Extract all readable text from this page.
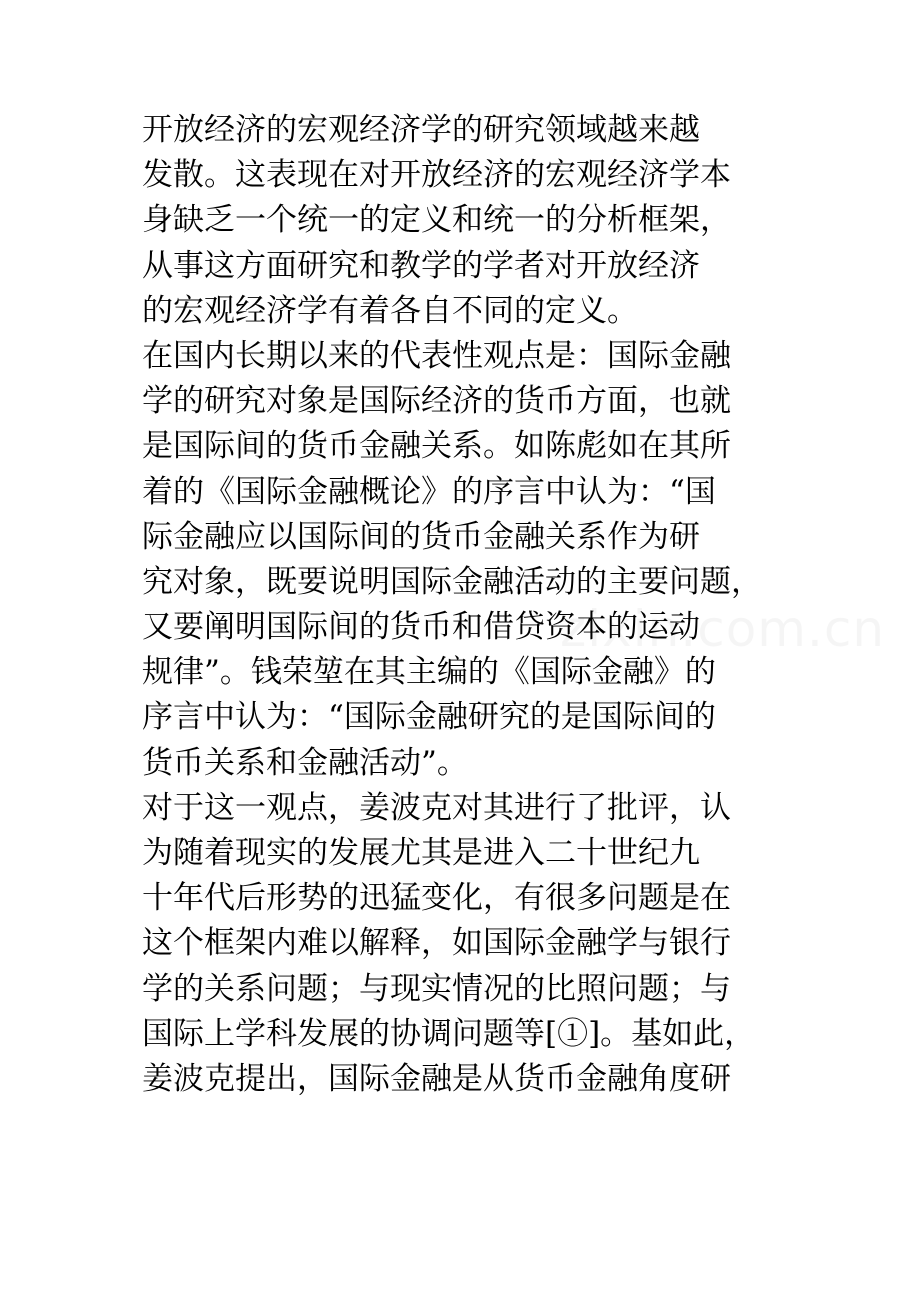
开放经济的宏观经济学的研究领域越来越
发散。这表现在对开放经济的宏观经济学本
身缺乏一个统一的定义和统一的分析框架，
从事这方面研究和教学的学者对开放经济
的宏观经济学有着各自不同的定义。
在国内长期以来的代表性观点是：国际金融
学的研究对象是国际经济的货币方面，也就
是国际间的货币金融关系。如陈彪如在其所
着的《国际金融概论》的序言中认为：“国
际金融应以国际间的货币金融关系作为研
究对象，既要说明国际金融活动的主要问题，
又要阐明国际间的货币和借贷资本的运动
规律”。钱荣堃在其主编的《国际金融》的
序言中认为：“国际金融研究的是国际间的
货币关系和金融活动”。
对于这一观点，姜波克对其进行了批评，认
为随着现实的发展尤其是进入二十世纪九
十年代后形势的迅猛变化，有很多问题是在
这个框架内难以解释，如国际金融学与银行
学的关系问题；与现实情况的比照问题；与
国际上学科发展的协调问题等[①]。基如此，
姜波克提出，国际金融是从货币金融角度研
